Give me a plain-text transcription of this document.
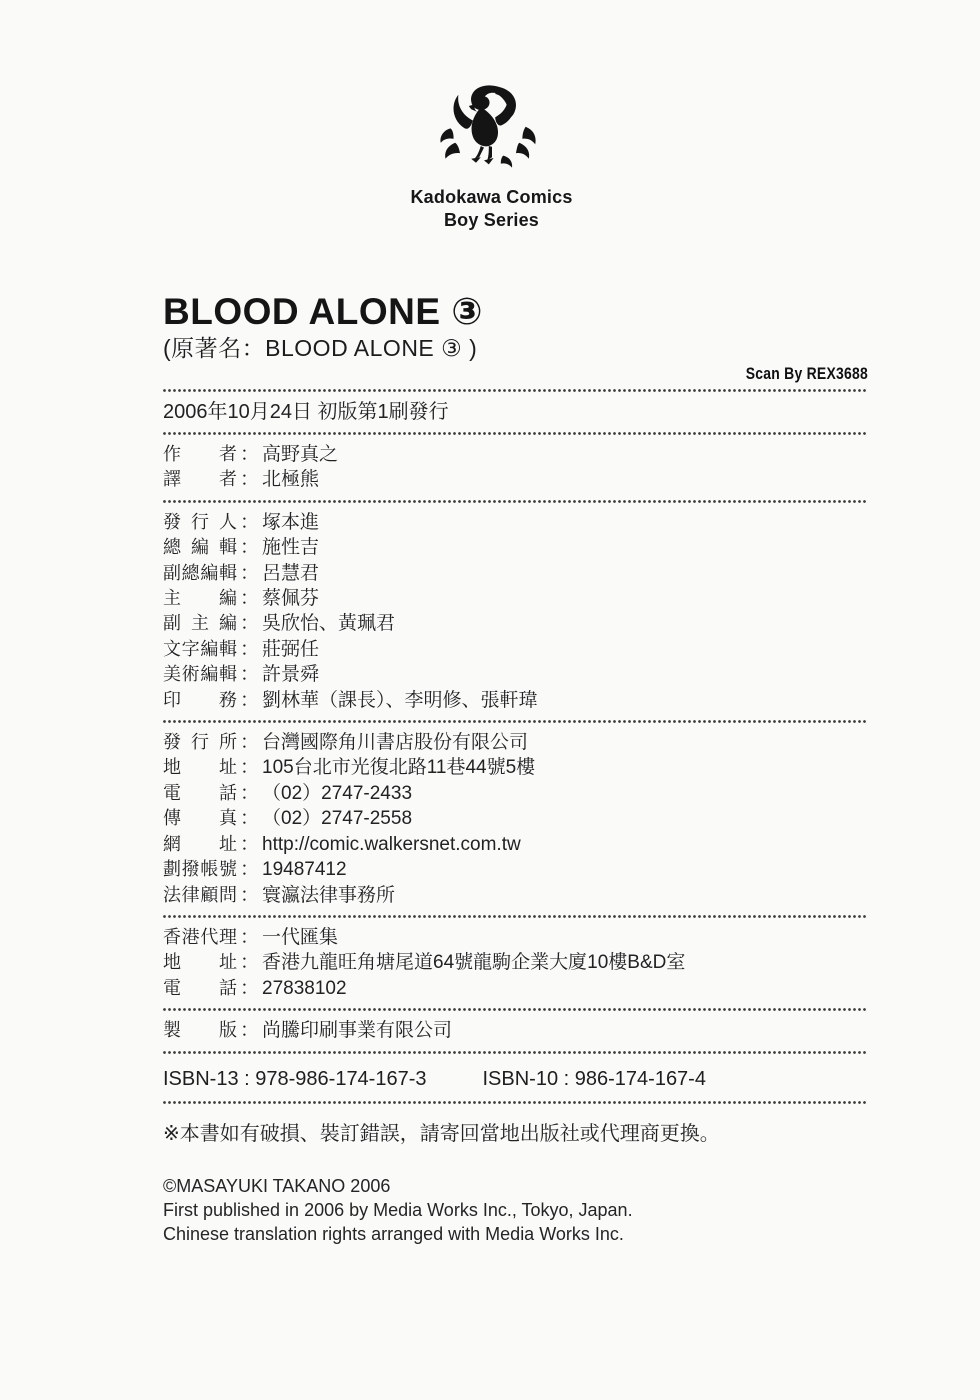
Kadokawa Comics
Boy Series
BLOOD ALONE ③
(原著名：BLOOD ALONE ③ )
Scan By REX3688
2006年10月24日 初版第1刷發行
作者 ： 高野真之
譯者 ： 北極熊
發行人 ： 塚本進
總編輯 ： 施性吉
副總編輯 ： 呂慧君
主編 ： 蔡佩芬
副主編 ： 吳欣怡、黃珮君
文字編輯 ： 莊弼任
美術編輯 ： 許景舜
印務 ： 劉林華（課長）、李明修、張軒瑋
發行所 ： 台灣國際角川書店股份有限公司
地址 ： 105台北市光復北路11巷44號5樓
電話 ： （02）2747-2433
傳真 ： （02）2747-2558
網址 ： http://comic.walkersnet.com.tw
劃撥帳號 ： 19487412
法律顧問 ： 寰瀛法律事務所
香港代理 ： 一代匯集
地址 ： 香港九龍旺角塘尾道64號龍駒企業大廈10樓B&D室
電話 ： 27838102
製版 ： 尚騰印刷事業有限公司
ISBN-13 : 978-986-174-167-3	ISBN-10 : 986-174-167-4
※本書如有破損、裝訂錯誤，請寄回當地出版社或代理商更換。
©MASAYUKI TAKANO 2006
First published in 2006 by Media Works Inc., Tokyo, Japan.
Chinese translation rights arranged with Media Works Inc.
